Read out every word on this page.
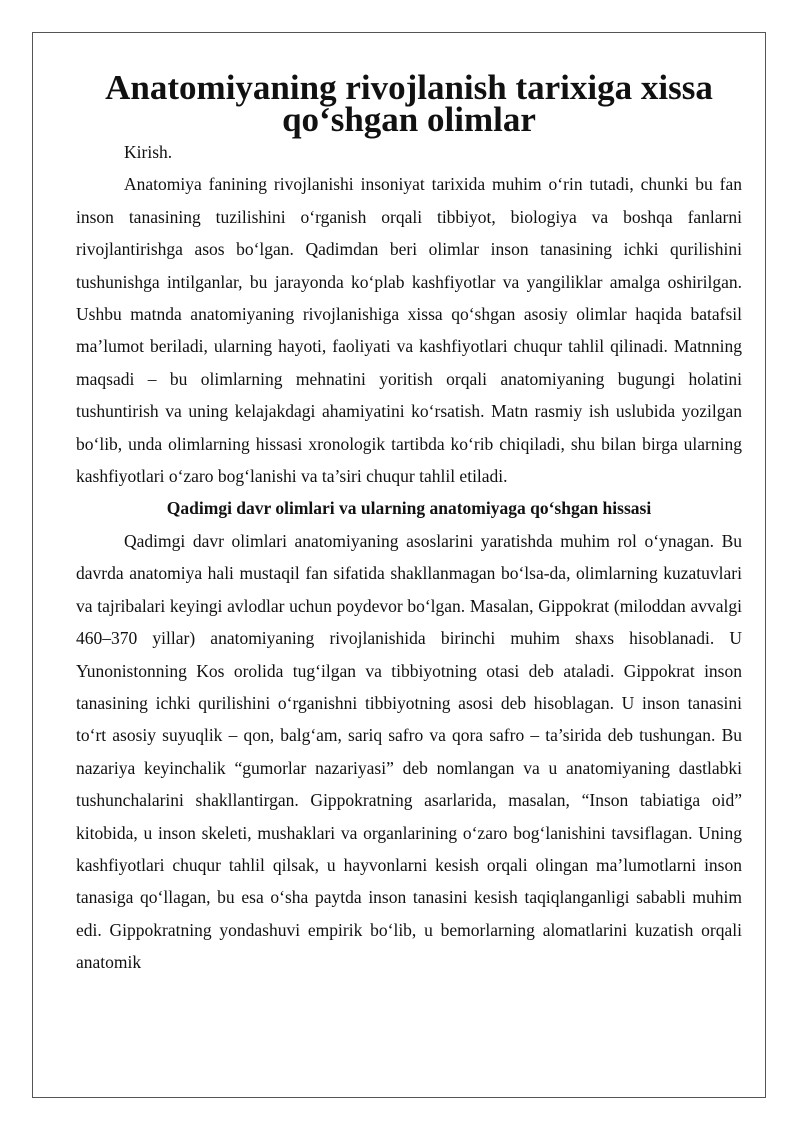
Anatomiyaning rivojlanish tarixiga xissa qo‘shgan olimlar

Kirish.

Anatomiya fanining rivojlanishi insoniyat tarixida muhim o‘rin tutadi, chunki bu fan inson tanasining tuzilishini o‘rganish orqali tibbiyot, biologiya va boshqa fanlarni rivojlantirishga asos bo‘lgan. Qadimdan beri olimlar inson tanasining ichki qurilishini tushunishga intilganlar, bu jarayonda ko‘plab kashfiyotlar va yangiliklar amalga oshirilgan. Ushbu matnda anatomiyaning rivojlanishiga xissa qo‘shgan asosiy olimlar haqida batafsil ma’lumot beriladi, ularning hayoti, faoliyati va kashfiyotlari chuqur tahlil qilinadi. Matnning maqsadi – bu olimlarning mehnatini yoritish orqali anatomiyaning bugungi holatini tushuntirish va uning kelajakdagi ahamiyatini ko‘rsatish. Matn rasmiy ish uslubida yozilgan bo‘lib, unda olimlarning hissasi xronologik tartibda ko‘rib chiqiladi, shu bilan birga ularning kashfiyotlari o‘zaro bog‘lanishi va ta’siri chuqur tahlil etiladi.

Qadimgi davr olimlari va ularning anatomiyaga qo‘shgan hissasi

Qadimgi davr olimlari anatomiyaning asoslarini yaratishda muhim rol o‘ynagan. Bu davrda anatomiya hali mustaqil fan sifatida shakllanmagan bo‘lsa-da, olimlarning kuzatuvlari va tajribalari keyingi avlodlar uchun poydevor bo‘lgan. Masalan, Gippokrat (miloddan avvalgi 460–370 yillar) anatomiyaning rivojlanishida birinchi muhim shaxs hisoblanadi. U Yunonistonning Kos orolida tug‘ilgan va tibbiyotning otasi deb ataladi. Gippokrat inson tanasining ichki qurilishini o‘rganishni tibbiyotning asosi deb hisoblagan. U inson tanasini to‘rt asosiy suyuqlik – qon, balg‘am, sariq safro va qora safro – ta’sirida deb tushungan. Bu nazariya keyinchalik “gumorlar nazariyasi” deb nomlangan va u anatomiyaning dastlabki tushunchalarini shakllantirgan. Gippokratning asarlarida, masalan, “Inson tabiatiga oid” kitobida, u inson skeleti, mushaklari va organlarining o‘zaro bog‘lanishini tavsiflagan. Uning kashfiyotlari chuqur tahlil qilsak, u hayvonlarni kesish orqali olingan ma’lumotlarni inson tanasiga qo‘llagan, bu esa o‘sha paytda inson tanasini kesish taqiqlanganligi sababli muhim edi. Gippokratning yondashuvi empirik bo‘lib, u bemorlarning alomatlarini kuzatish orqali anatomik
